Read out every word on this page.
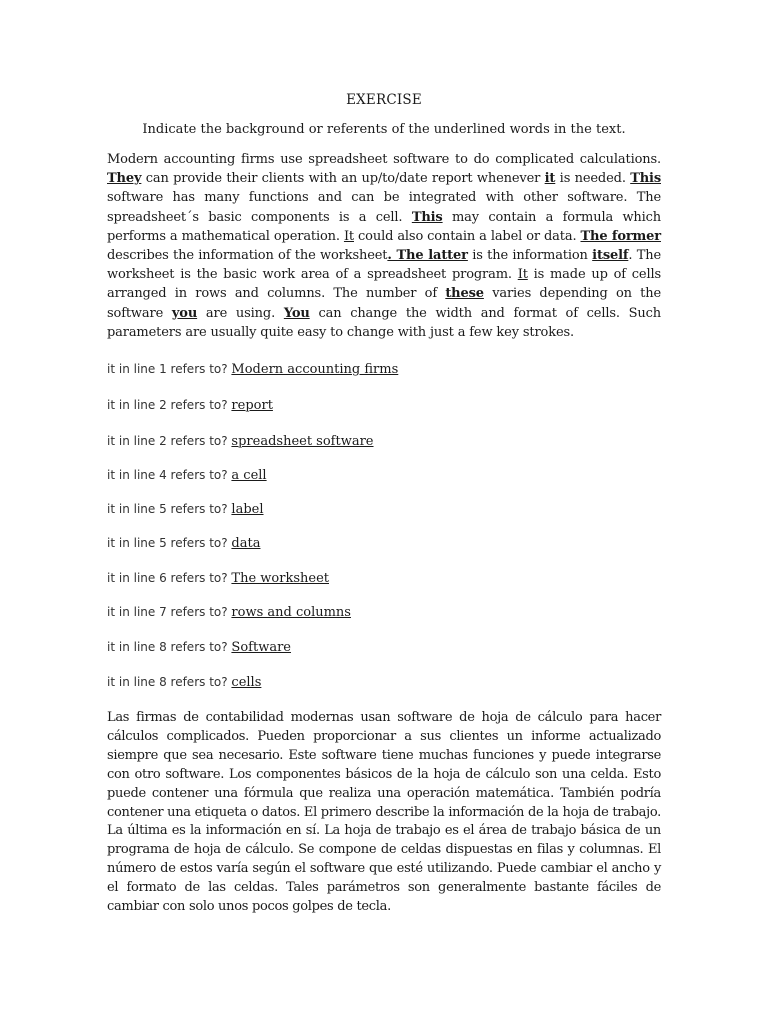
EXERCISE
Indicate the background or referents of the underlined words in the text.
Modern accounting firms use spreadsheet software to do complicated calculations. They can provide their clients with an up/to/date report whenever it is needed. This software has many functions and can be integrated with other software. The spreadsheet´s basic components is a cell. This may contain a formula which performs a mathematical operation. It could also contain a label or data. The former describes the information of the worksheet. The latter is the information itself. The worksheet is the basic work area of a spreadsheet program. It is made up of cells arranged in rows and columns. The number of these varies depending on the software you are using. You can change the width and format of cells. Such parameters are usually quite easy to change with just a few key strokes.
it in line 1 refers to? Modern accounting firms
it in line 2 refers to? report
it in line 2 refers to? spreadsheet software
it in line 4 refers to? a cell
it in line 5 refers to? label
it in line 5 refers to? data
it in line 6 refers to? The worksheet
it in line 7 refers to? rows and columns
it in line 8 refers to? Software
it in line 8 refers to? cells
Las firmas de contabilidad modernas usan software de hoja de cálculo para hacer cálculos complicados. Pueden proporcionar a sus clientes un informe actualizado siempre que sea necesario. Este software tiene muchas funciones y puede integrarse con otro software. Los componentes básicos de la hoja de cálculo son una celda. Esto puede contener una fórmula que realiza una operación matemática. También podría contener una etiqueta o datos. El primero describe la información de la hoja de trabajo. La última es la información en sí. La hoja de trabajo es el área de trabajo básica de un programa de hoja de cálculo. Se compone de celdas dispuestas en filas y columnas. El número de estos varía según el software que esté utilizando. Puede cambiar el ancho y el formato de las celdas. Tales parámetros son generalmente bastante fáciles de cambiar con solo unos pocos golpes de tecla.
